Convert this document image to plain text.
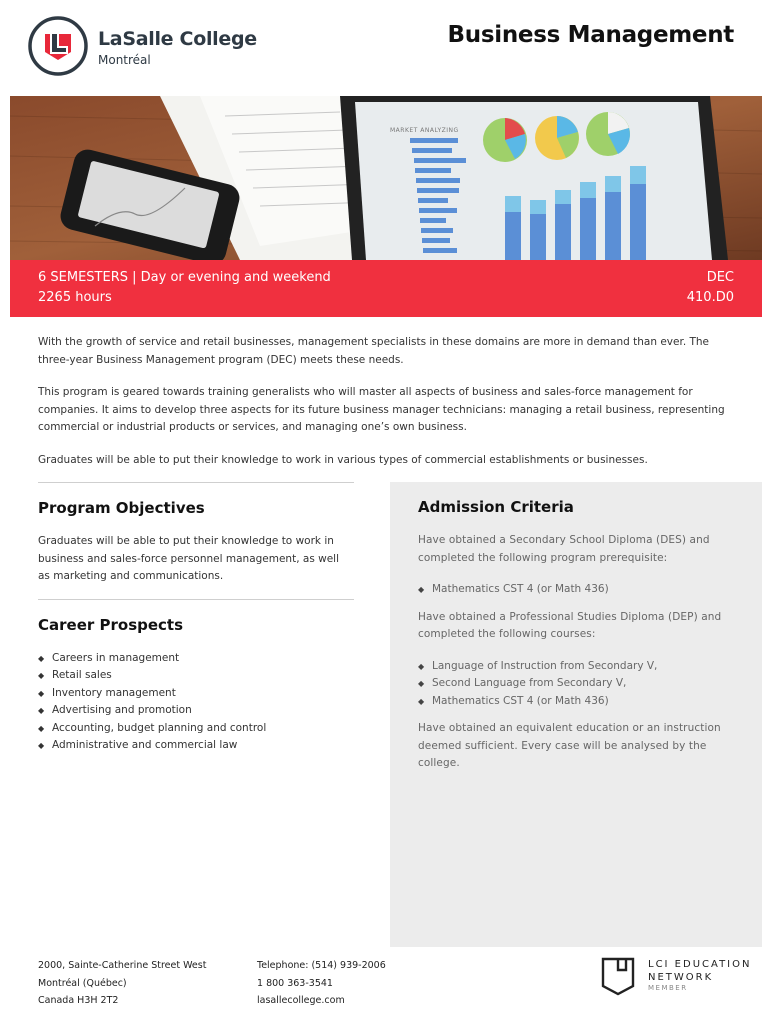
LaSalle College
Montréal
Business Management
MARKET ANALYZING
6 SEMESTERS | Day or evening and weekend
2265 hours
DEC
410.D0

With the growth of service and retail businesses, management specialists in these domains are more in demand than ever. The three-year Business Management program (DEC) meets these needs.

This program is geared towards training generalists who will master all aspects of business and sales-force management for companies. It aims to develop three aspects for its future business manager technicians: managing a retail business, representing commercial or industrial products or services, and managing one’s own business.

Graduates will be able to put their knowledge to work in various types of commercial establishments or businesses.

Program Objectives
Graduates will be able to put their knowledge to work in business and sales-force personnel management, as well as marketing and communications.
Career Prospects
◆ Careers in management
◆ Retail sales
◆ Inventory management
◆ Advertising and promotion
◆ Accounting, budget planning and control
◆ Administrative and commercial law
Admission Criteria
Have obtained a Secondary School Diploma (DES) and completed the following program prerequisite:
◆ Mathematics CST 4 (or Math 436)
Have obtained a Professional Studies Diploma (DEP) and completed the following courses:
◆ Language of Instruction from Secondary V,
◆ Second Language from Secondary V,
◆ Mathematics CST 4 (or Math 436)
Have obtained an equivalent education or an instruction deemed sufficient. Every case will be analysed by the college.
2000, Sainte-Catherine Street West
Montréal (Québec)
Canada H3H 2T2
Telephone: (514) 939-2006
1 800 363-3541
lasallecollege.com
LCI EDUCATION
NETWORK
MEMBER
